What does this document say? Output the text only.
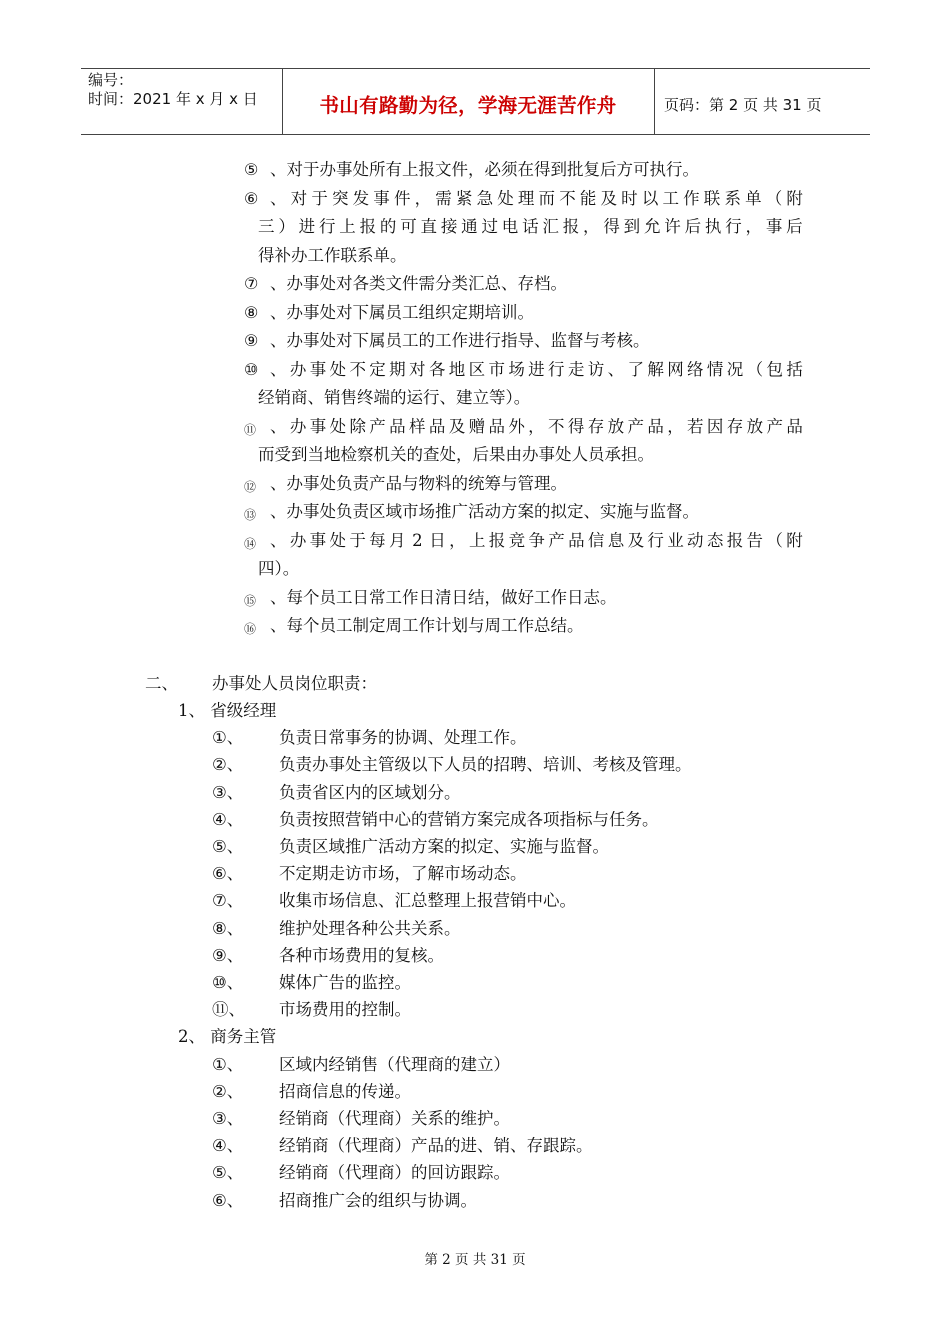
编号：
时间：2021 年 x 月 x 日	书山有路勤为径，学海无涯苦作舟	页码：第 2 页 共 31 页
⑤ 、对于办事处所有上报文件，必须在得到批复后方可执行。
⑥ 、 对 于 突 发 事 件 ， 需 紧 急 处 理 而 不 能 及 时 以 工 作 联 系 单 （ 附
三 ） 进 行 上 报 的 可 直 接 通 过 电 话 汇 报 ， 得 到 允 许 后 执 行 ， 事 后
得补办工作联系单。
⑦ 、办事处对各类文件需分类汇总、存档。
⑧ 、办事处对下属员工组织定期培训。
⑨ 、办事处对下属员工的工作进行指导、监督与考核。
⑩ 、 办 事 处 不 定 期 对 各 地 区 市 场 进 行 走 访 、 了 解 网 络 情 况 （ 包 括
经销商、销售终端的运行、建立等）。
⑪ 、 办 事 处 除 产 品 样 品 及 赠 品 外 ， 不 得 存 放 产 品 ， 若 因 存 放 产 品
而受到当地检察机关的查处，后果由办事处人员承担。
⑫ 、办事处负责产品与物料的统筹与管理。
⑬ 、办事处负责区域市场推广活动方案的拟定、实施与监督。
⑭ 、 办 事 处 于 每 月 2 日 ， 上 报 竞 争 产 品 信 息 及 行 业 动 态 报 告 （ 附
四）。
⑮ 、每个员工日常工作日清日结，做好工作日志。
⑯ 、每个员工制定周工作计划与周工作总结。
二、 办事处人员岗位职责：
1、 省级经理
①、 负责日常事务的协调、处理工作。
②、 负责办事处主管级以下人员的招聘、培训、考核及管理。
③、 负责省区内的区域划分。
④、 负责按照营销中心的营销方案完成各项指标与任务。
⑤、 负责区域推广活动方案的拟定、实施与监督。
⑥、 不定期走访市场，了解市场动态。
⑦、 收集市场信息、汇总整理上报营销中心。
⑧、 维护处理各种公共关系。
⑨、 各种市场费用的复核。
⑩、 媒体广告的监控。
⑪、 市场费用的控制。
2、 商务主管
①、 区域内经销售（代理商的建立）
②、 招商信息的传递。
③、 经销商（代理商）关系的维护。
④、 经销商（代理商）产品的进、销、存跟踪。
⑤、 经销商（代理商）的回访跟踪。
⑥、 招商推广会的组织与协调。
第 2 页 共 31 页
